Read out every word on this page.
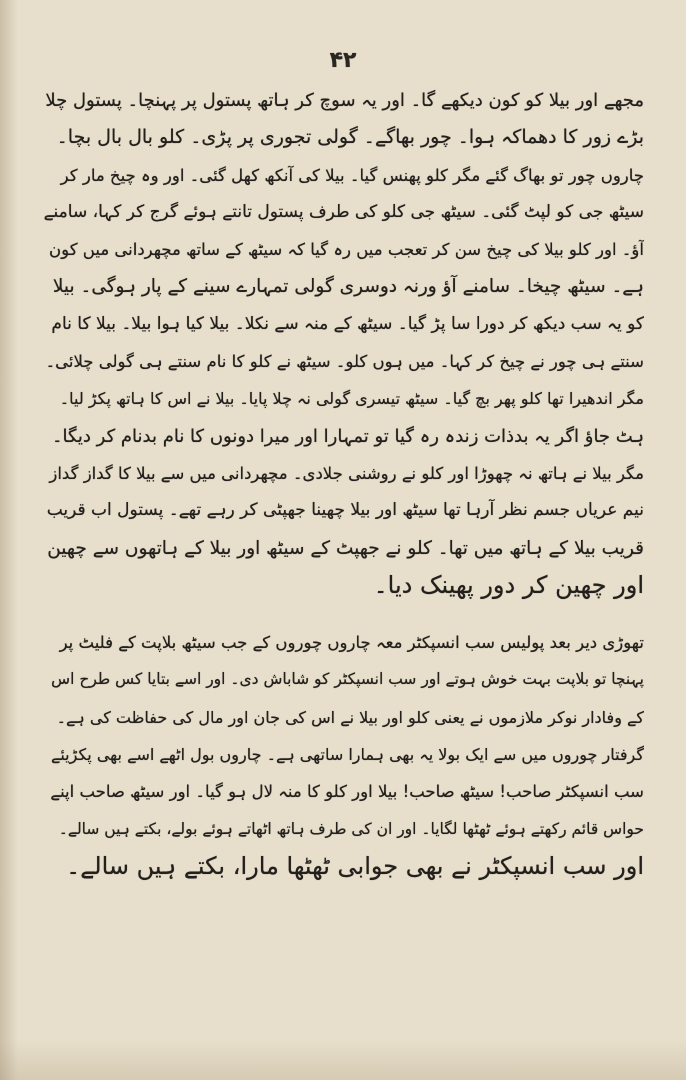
۴۲
مجھے اور بیلا کو کون دیکھے گا۔ اور یہ سوچ کر ہاتھ پستول پر پہنچا۔ پستول چلا
بڑے زور کا دھماکہ ہوا۔ چور بھاگے۔ گولی تجوری پر پڑی۔ کلو بال بال بچا۔
چاروں چور تو بھاگ گئے مگر کلو پھنس گیا۔ بیلا کی آنکھ کھل گئی۔ اور وہ چیخ مار کر
سیٹھ جی کو لپٹ گئی۔ سیٹھ جی کلو کی طرف پستول تانتے ہوئے گرج کر کہا، سامنے
آؤ۔ اور کلو بیلا کی چیخ سن کر تعجب میں رہ گیا کہ سیٹھ کے ساتھ مچھردانی میں کون
ہے۔ سیٹھ چیخا۔ سامنے آؤ ورنہ دوسری گولی تمہارے سینے کے پار ہوگی۔ بیلا
کو یہ سب دیکھ کر دورا سا پڑ گیا۔ سیٹھ کے منہ سے نکلا۔ بیلا کیا ہوا بیلا۔ بیلا کا نام
سنتے ہی چور نے چیخ کر کہا۔ میں ہوں کلو۔ سیٹھ نے کلو کا نام سنتے ہی گولی چلائی۔
مگر اندھیرا تھا کلو پھر بچ گیا۔ سیٹھ تیسری گولی نہ چلا پایا۔ بیلا نے اس کا ہاتھ پکڑ لیا۔
ہٹ جاؤ اگر یہ بدذات زندہ رہ گیا تو تمہارا اور میرا دونوں کا نام بدنام کر دیگا۔
مگر بیلا نے ہاتھ نہ چھوڑا اور کلو نے روشنی جلادی۔ مچھردانی میں سے بیلا کا گداز گداز
نیم عریاں جسم نظر آرہا تھا سیٹھ اور بیلا چھینا جھپٹی کر رہے تھے۔ پستول اب قریب
قریب بیلا کے ہاتھ میں تھا۔ کلو نے جھپٹ کے سیٹھ اور بیلا کے ہاتھوں سے چھین
اور چھین کر دور پھینک دیا۔
تھوڑی دیر بعد پولیس سب انسپکٹر معہ چاروں چوروں کے جب سیٹھ بلاپت کے فلیٹ پر
پہنچا تو بلاپت بہت خوش ہوتے اور سب انسپکٹر کو شاباش دی۔ اور اسے بتایا کس طرح اس
کے وفادار نوکر ملازموں نے یعنی کلو اور بیلا نے اس کی جان اور مال کی حفاظت کی ہے۔
گرفتار چوروں میں سے ایک بولا یہ بھی ہمارا ساتھی ہے۔ چاروں بول اٹھے اسے بھی پکڑیئے
سب انسپکٹر صاحب! سیٹھ صاحب! بیلا اور کلو کا منہ لال ہو گیا۔ اور سیٹھ صاحب اپنے
حواس قائم رکھتے ہوئے ٹھٹھا لگایا۔ اور ان کی طرف ہاتھ اٹھاتے ہوئے بولے، بکتے ہیں سالے۔
اور سب انسپکٹر نے بھی جوابی ٹھٹھا مارا، بکتے ہیں سالے۔
